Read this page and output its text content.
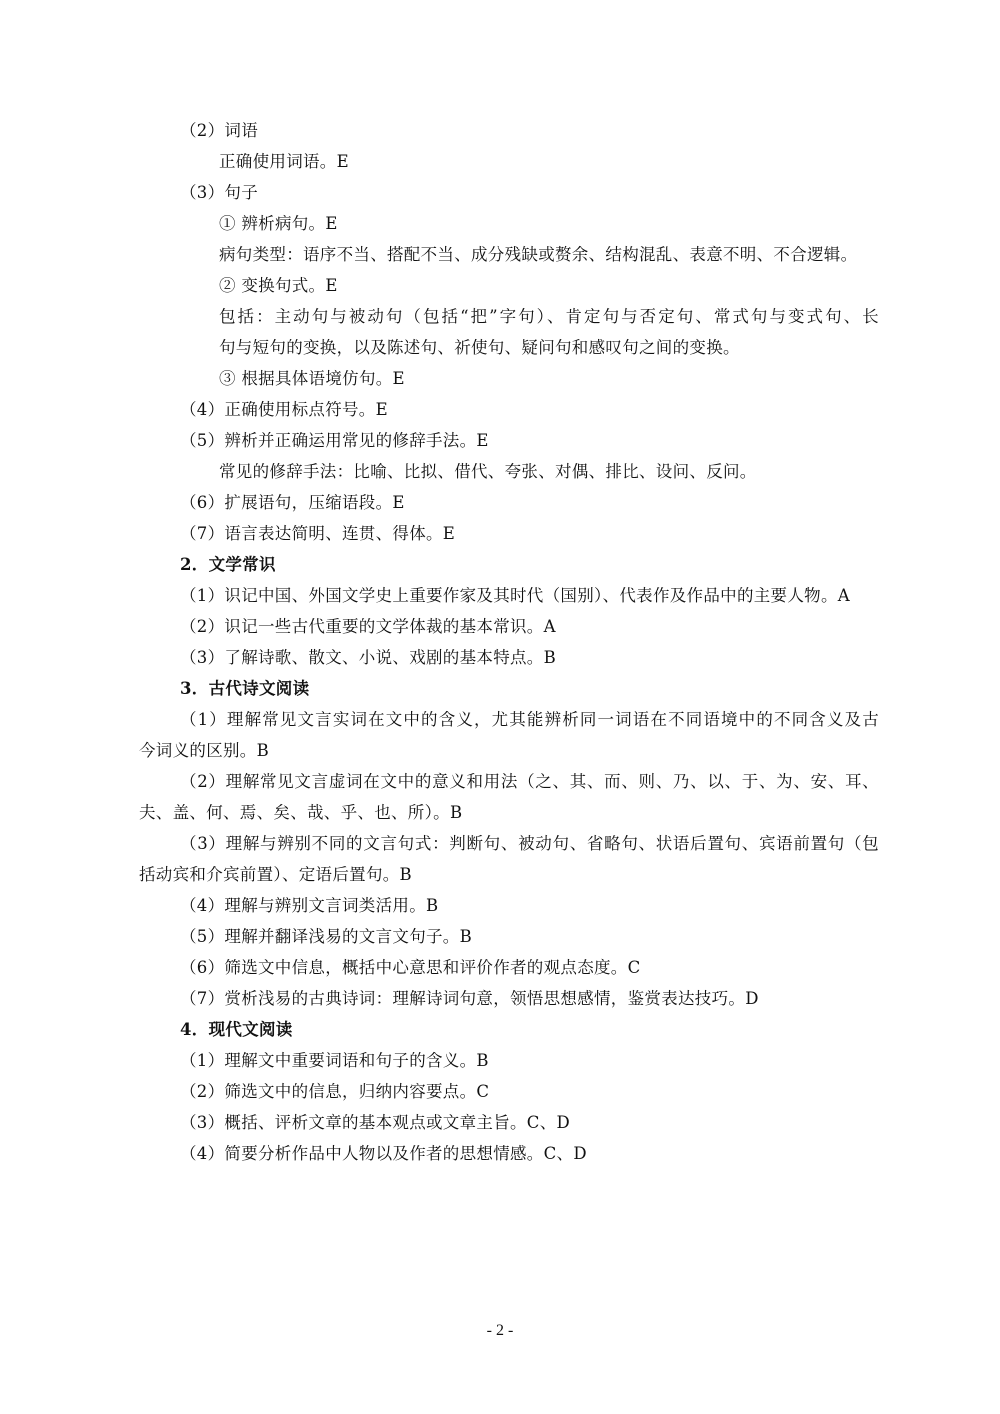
（2）词语
正确使用词语。E
（3）句子
① 辨析病句。E
病句类型：语序不当、搭配不当、成分残缺或赘余、结构混乱、表意不明、不合逻辑。
② 变换句式。E
包括：主动句与被动句（包括“把”字句）、肯定句与否定句、常式句与变式句、长
句与短句的变换，以及陈述句、祈使句、疑问句和感叹句之间的变换。
③ 根据具体语境仿句。E
（4）正确使用标点符号。E
（5）辨析并正确运用常见的修辞手法。E
常见的修辞手法：比喻、比拟、借代、夸张、对偶、排比、设问、反问。
（6）扩展语句，压缩语段。E
（7）语言表达简明、连贯、得体。E
2．文学常识
（1）识记中国、外国文学史上重要作家及其时代（国别）、代表作及作品中的主要人物。A
（2）识记一些古代重要的文学体裁的基本常识。A
（3）了解诗歌、散文、小说、戏剧的基本特点。B
3．古代诗文阅读
（1）理解常见文言实词在文中的含义，尤其能辨析同一词语在不同语境中的不同含义及古
今词义的区别。B
（2）理解常见文言虚词在文中的意义和用法（之、其、而、则、乃、以、于、为、安、耳、
夫、盖、何、焉、矣、哉、乎、也、所）。B
（3）理解与辨别不同的文言句式：判断句、被动句、省略句、状语后置句、宾语前置句（包
括动宾和介宾前置）、定语后置句。B
（4）理解与辨别文言词类活用。B
（5）理解并翻译浅易的文言文句子。B
（6）筛选文中信息，概括中心意思和评价作者的观点态度。C
（7）赏析浅易的古典诗词：理解诗词句意，领悟思想感情，鉴赏表达技巧。D
4．现代文阅读
（1）理解文中重要词语和句子的含义。B
（2）筛选文中的信息，归纳内容要点。C
（3）概括、评析文章的基本观点或文章主旨。C、D
（4）简要分析作品中人物以及作者的思想情感。C、D
- 2 -
